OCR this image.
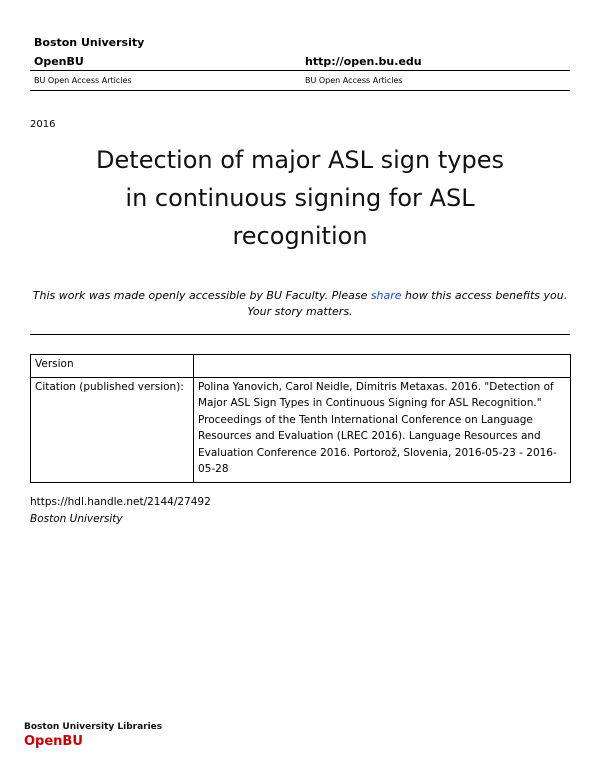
Boston University
OpenBU	http://open.bu.edu
BU Open Access Articles	BU Open Access Articles
2016
Detection of major ASL sign types
in continuous signing for ASL
recognition
This work was made openly accessible by BU Faculty. Please share how this access benefits you.
Your story matters.
Version	
Citation (published version):	Polina Yanovich, Carol Neidle, Dimitris Metaxas. 2016. "Detection of Major ASL Sign Types in Continuous Signing for ASL Recognition." Proceedings of the Tenth International Conference on Language Resources and Evaluation (LREC 2016). Language Resources and Evaluation Conference 2016. Portorož, Slovenia, 2016-05-23 - 2016-05-28
https://hdl.handle.net/2144/27492
Boston University
Boston University Libraries
OpenBU
